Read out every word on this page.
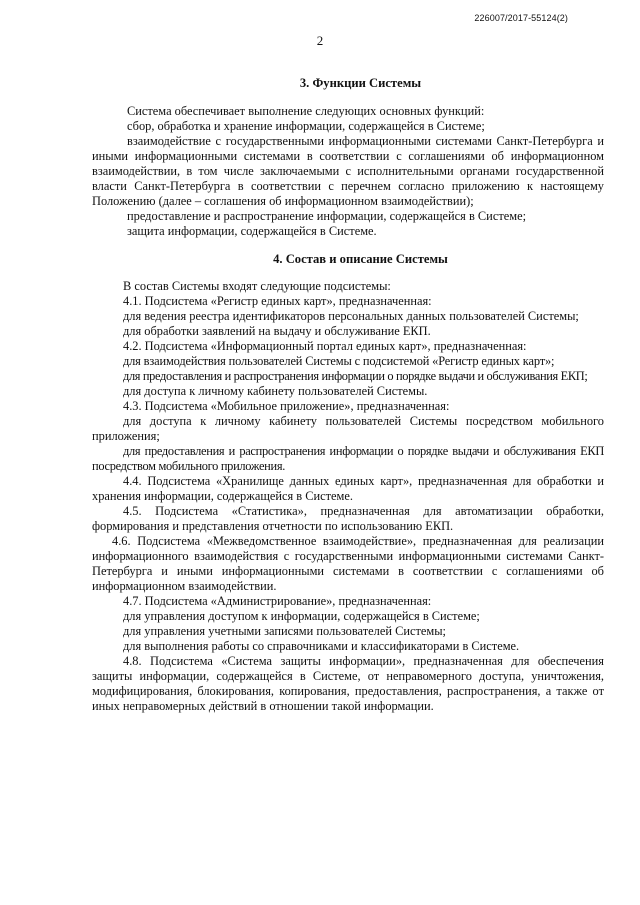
226007/2017-55124(2)
2
3. Функции Системы

Система обеспечивает выполнение следующих основных функций:

сбор, обработка и хранение информации, содержащейся в Системе;

взаимодействие с государственными информационными системами Санкт-Петербурга и иными информационными системами в соответствии с соглашениями об информационном взаимодействии, в том числе заключаемыми с исполнительными органами государственной власти Санкт-Петербурга в соответствии с перечнем согласно приложению к настоящему Положению (далее – соглашения об информационном взаимодействии);

предоставление и распространение информации, содержащейся в Системе;

защита информации, содержащейся в Системе.

4. Состав и описание Системы

В состав Системы входят следующие подсистемы:

4.1. Подсистема «Регистр единых карт», предназначенная:

для ведения реестра идентификаторов персональных данных пользователей Системы;

для обработки заявлений на выдачу и обслуживание ЕКП.

4.2. Подсистема «Информационный портал единых карт», предназначенная:

для взаимодействия пользователей Системы с подсистемой «Регистр единых карт»;

для предоставления и распространения информации о порядке выдачи и обслуживания ЕКП;

для доступа к личному кабинету пользователей Системы.

4.3. Подсистема «Мобильное приложение», предназначенная:

для доступа к личному кабинету пользователей Системы посредством мобильного приложения;

для предоставления и распространения информации о порядке выдачи и обслуживания ЕКП посредством мобильного приложения.

4.4. Подсистема «Хранилище данных единых карт», предназначенная для обработки и хранения информации, содержащейся в Системе.

4.5. Подсистема «Статистика», предназначенная для автоматизации обработки, формирования и представления отчетности по использованию ЕКП.

4.6. Подсистема «Межведомственное взаимодействие», предназначенная для реализации информационного взаимодействия с государственными информационными системами Санкт-Петербурга и иными информационными системами в соответствии с соглашениями об информационном взаимодействии.

4.7. Подсистема «Администрирование», предназначенная:

для управления доступом к информации, содержащейся в Системе;

для управления учетными записями пользователей Системы;

для выполнения работы со справочниками и классификаторами в Системе.

4.8. Подсистема «Система защиты информации», предназначенная для обеспечения защиты информации, содержащейся в Системе, от неправомерного доступа, уничтожения, модифицирования, блокирования, копирования, предоставления, распространения, а также от иных неправомерных действий в отношении такой информации.
